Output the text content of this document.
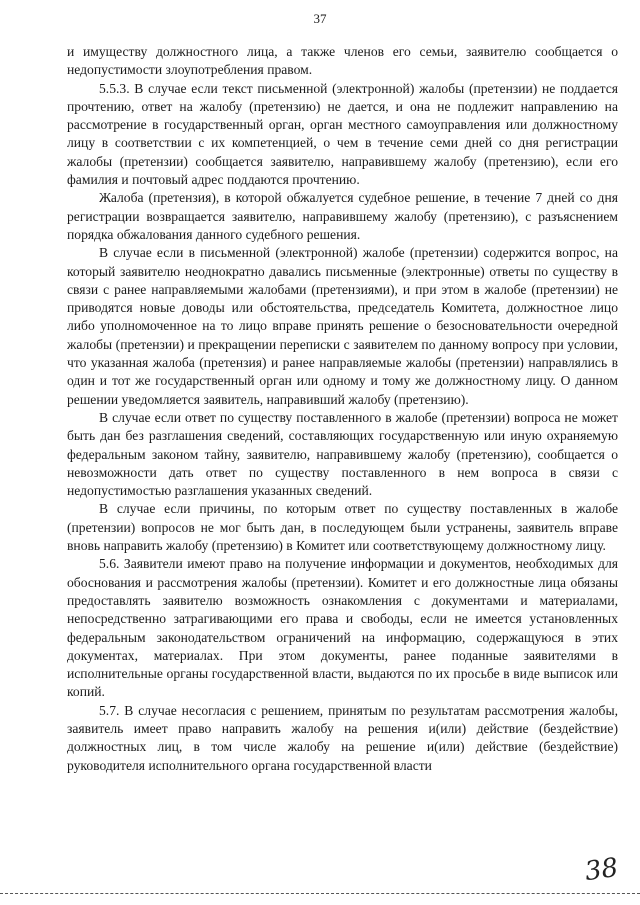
37

и имуществу должностного лица, а также членов его семьи, заявителю сообщается о недопустимости злоупотребления правом.

5.5.3. В случае если текст письменной (электронной) жалобы (претензии) не поддается прочтению, ответ на жалобу (претензию) не дается, и она не подлежит направлению на рассмотрение в государственный орган, орган местного самоуправления или должностному лицу в соответствии с их компетенцией, о чем в течение семи дней со дня регистрации жалобы (претензии) сообщается заявителю, направившему жалобу (претензию), если его фамилия и почтовый адрес поддаются прочтению.

Жалоба (претензия), в которой обжалуется судебное решение, в течение 7 дней со дня регистрации возвращается заявителю, направившему жалобу (претензию), с разъяснением порядка обжалования данного судебного решения.

В случае если в письменной (электронной) жалобе (претензии) содержится вопрос, на который заявителю неоднократно давались письменные (электронные) ответы по существу в связи с ранее направляемыми жалобами (претензиями), и при этом в жалобе (претензии) не приводятся новые доводы или обстоятельства, председатель Комитета, должностное лицо либо уполномоченное на то лицо вправе принять решение о безосновательности очередной жалобы (претензии) и прекращении переписки с заявителем по данному вопросу при условии, что указанная жалоба (претензия) и ранее направляемые жалобы (претензии) направлялись в один и тот же государственный орган или одному и тому же должностному лицу. О данном решении уведомляется заявитель, направивший жалобу (претензию).

В случае если ответ по существу поставленного в жалобе (претензии) вопроса не может быть дан без разглашения сведений, составляющих государственную или иную охраняемую федеральным законом тайну, заявителю, направившему жалобу (претензию), сообщается о невозможности дать ответ по существу поставленного в нем вопроса в связи с недопустимостью разглашения указанных сведений.

В случае если причины, по которым ответ по существу поставленных в жалобе (претензии) вопросов не мог быть дан, в последующем были устранены, заявитель вправе вновь направить жалобу (претензию) в Комитет или соответствующему должностному лицу.

5.6. Заявители имеют право на получение информации и документов, необходимых для обоснования и рассмотрения жалобы (претензии). Комитет и его должностные лица обязаны предоставлять заявителю возможность ознакомления с документами и материалами, непосредственно затрагивающими его права и свободы, если не имеется установленных федеральным законодательством ограничений на информацию, содержащуюся в этих документах, материалах. При этом документы, ранее поданные заявителями в исполнительные органы государственной власти, выдаются по их просьбе в виде выписок или копий.

5.7. В случае несогласия с решением, принятым по результатам рассмотрения жалобы, заявитель имеет право направить жалобу на решения и(или) действие (бездействие) должностных лиц, в том числе жалобу на решение и(или) действие (бездействие) руководителя исполнительного органа государственной власти

38
